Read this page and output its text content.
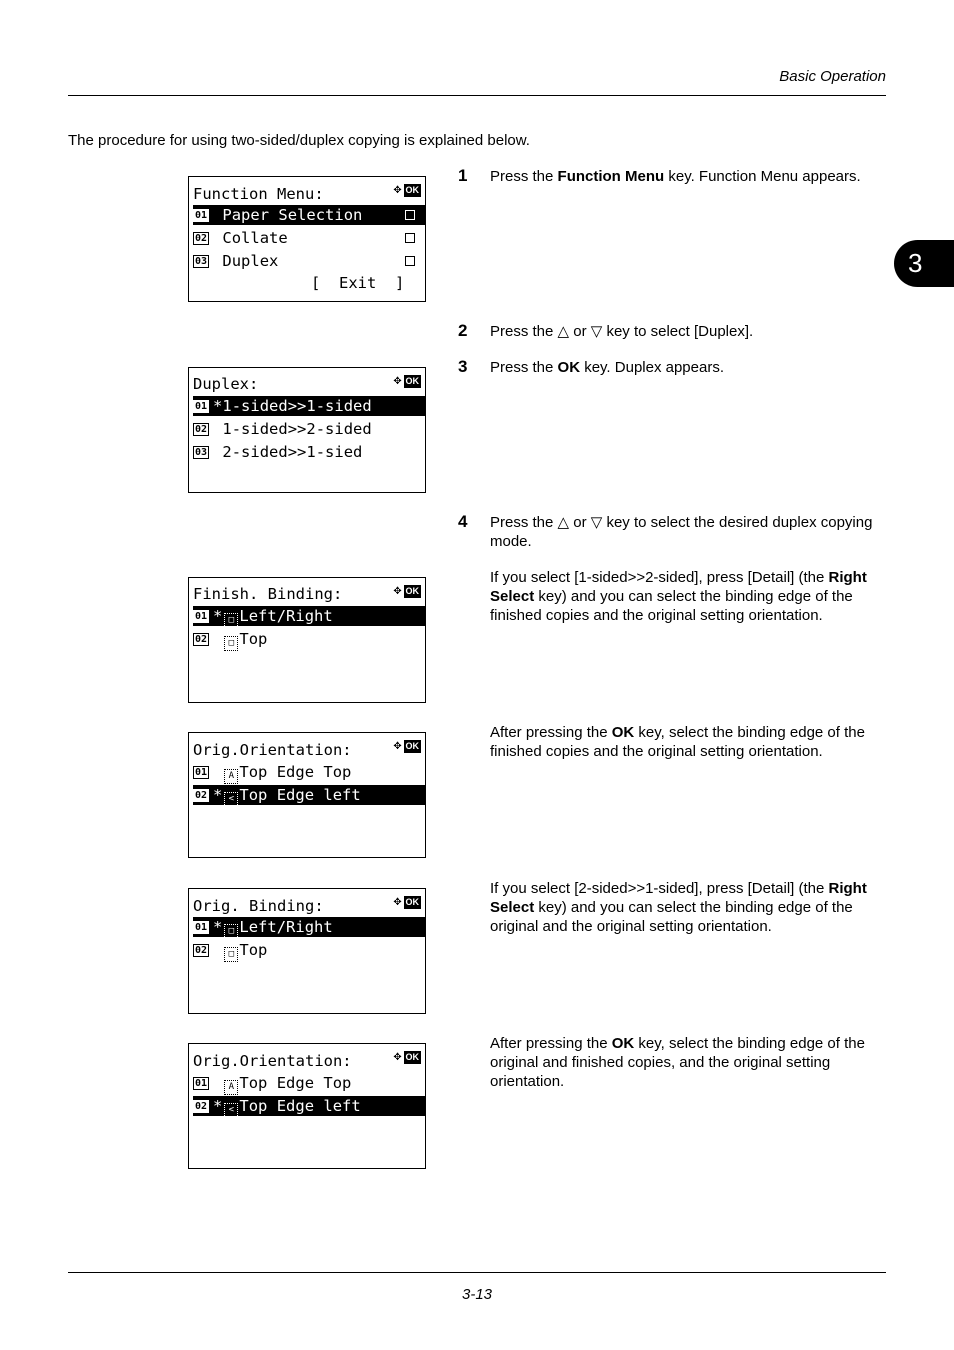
Basic Operation
3
The procedure for using two-sided/duplex copying is explained below.
1 Press the Function Menu key. Function Menu appears.
2 Press the △ or ▽ key to select [Duplex].
3 Press the OK key. Duplex appears.
4 Press the △ or ▽ key to select the desired duplex copying mode.
If you select [1-sided>>2-sided], press [Detail] (the Right Select key) and you can select the binding edge of the finished copies and the original setting orientation.
After pressing the OK key, select the binding edge of the finished copies and the original setting orientation.
If you select [2-sided>>1-sided], press [Detail] (the Right Select key) and you can select the binding edge of the original and the original setting orientation.
After pressing the OK key, select the binding edge of the original and finished copies, and the original setting orientation.
Function Menu:	✥ OK
01 Paper Selection
02 Collate
03 Duplex
[  Exit  ]
Duplex:	✥ OK
01 *1-sided>>1-sided
02 1-sided>>2-sided
03 2-sided>>1-sied
Finish. Binding:	✥ OK
01 * □ Left/Right
02 □ Top
Orig.Orientation:	✥ OK
01 A Top Edge Top
02 * < Top Edge left
Orig. Binding:	✥ OK
01 * □ Left/Right
02 □ Top
Orig.Orientation:	✥ OK
01 A Top Edge Top
02 * < Top Edge left
3-13
